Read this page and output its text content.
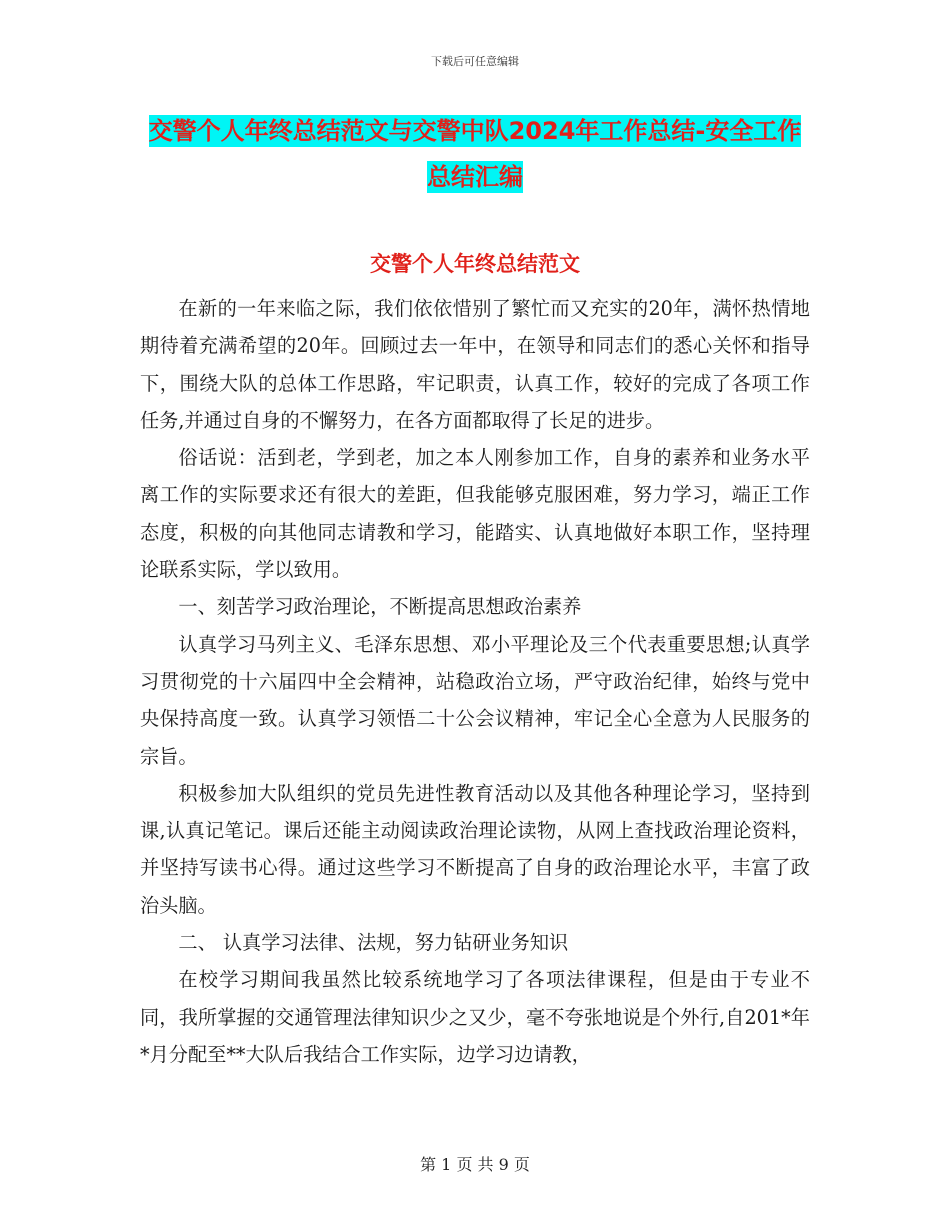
下载后可任意编辑
交警个人年终总结范文与交警中队2024年工作总结-安全工作总结汇编
交警个人年终总结范文

在新的一年来临之际，我们依依惜别了繁忙而又充实的20年，满怀热情地期待着充满希望的20年。回顾过去一年中，在领导和同志们的悉心关怀和指导下，围绕大队的总体工作思路，牢记职责，认真工作，较好的完成了各项工作任务,并通过自身的不懈努力，在各方面都取得了长足的进步。

俗话说：活到老，学到老，加之本人刚参加工作，自身的素养和业务水平离工作的实际要求还有很大的差距，但我能够克服困难，努力学习，端正工作态度，积极的向其他同志请教和学习，能踏实、认真地做好本职工作，坚持理论联系实际，学以致用。

一、刻苦学习政治理论，不断提高思想政治素养

认真学习马列主义、毛泽东思想、邓小平理论及三个代表重要思想;认真学习贯彻党的十六届四中全会精神，站稳政治立场，严守政治纪律，始终与党中央保持高度一致。认真学习领悟二十公会议精神，牢记全心全意为人民服务的宗旨。

积极参加大队组织的党员先进性教育活动以及其他各种理论学习，坚持到课,认真记笔记。课后还能主动阅读政治理论读物，从网上查找政治理论资料，并坚持写读书心得。通过这些学习不断提高了自身的政治理论水平，丰富了政治头脑。

二、 认真学习法律、法规，努力钻研业务知识

在校学习期间我虽然比较系统地学习了各项法律课程，但是由于专业不同，我所掌握的交通管理法律知识少之又少，毫不夸张地说是个外行,自201*年*月分配至**大队后我结合工作实际，边学习边请教，

第 1 页 共 9 页
